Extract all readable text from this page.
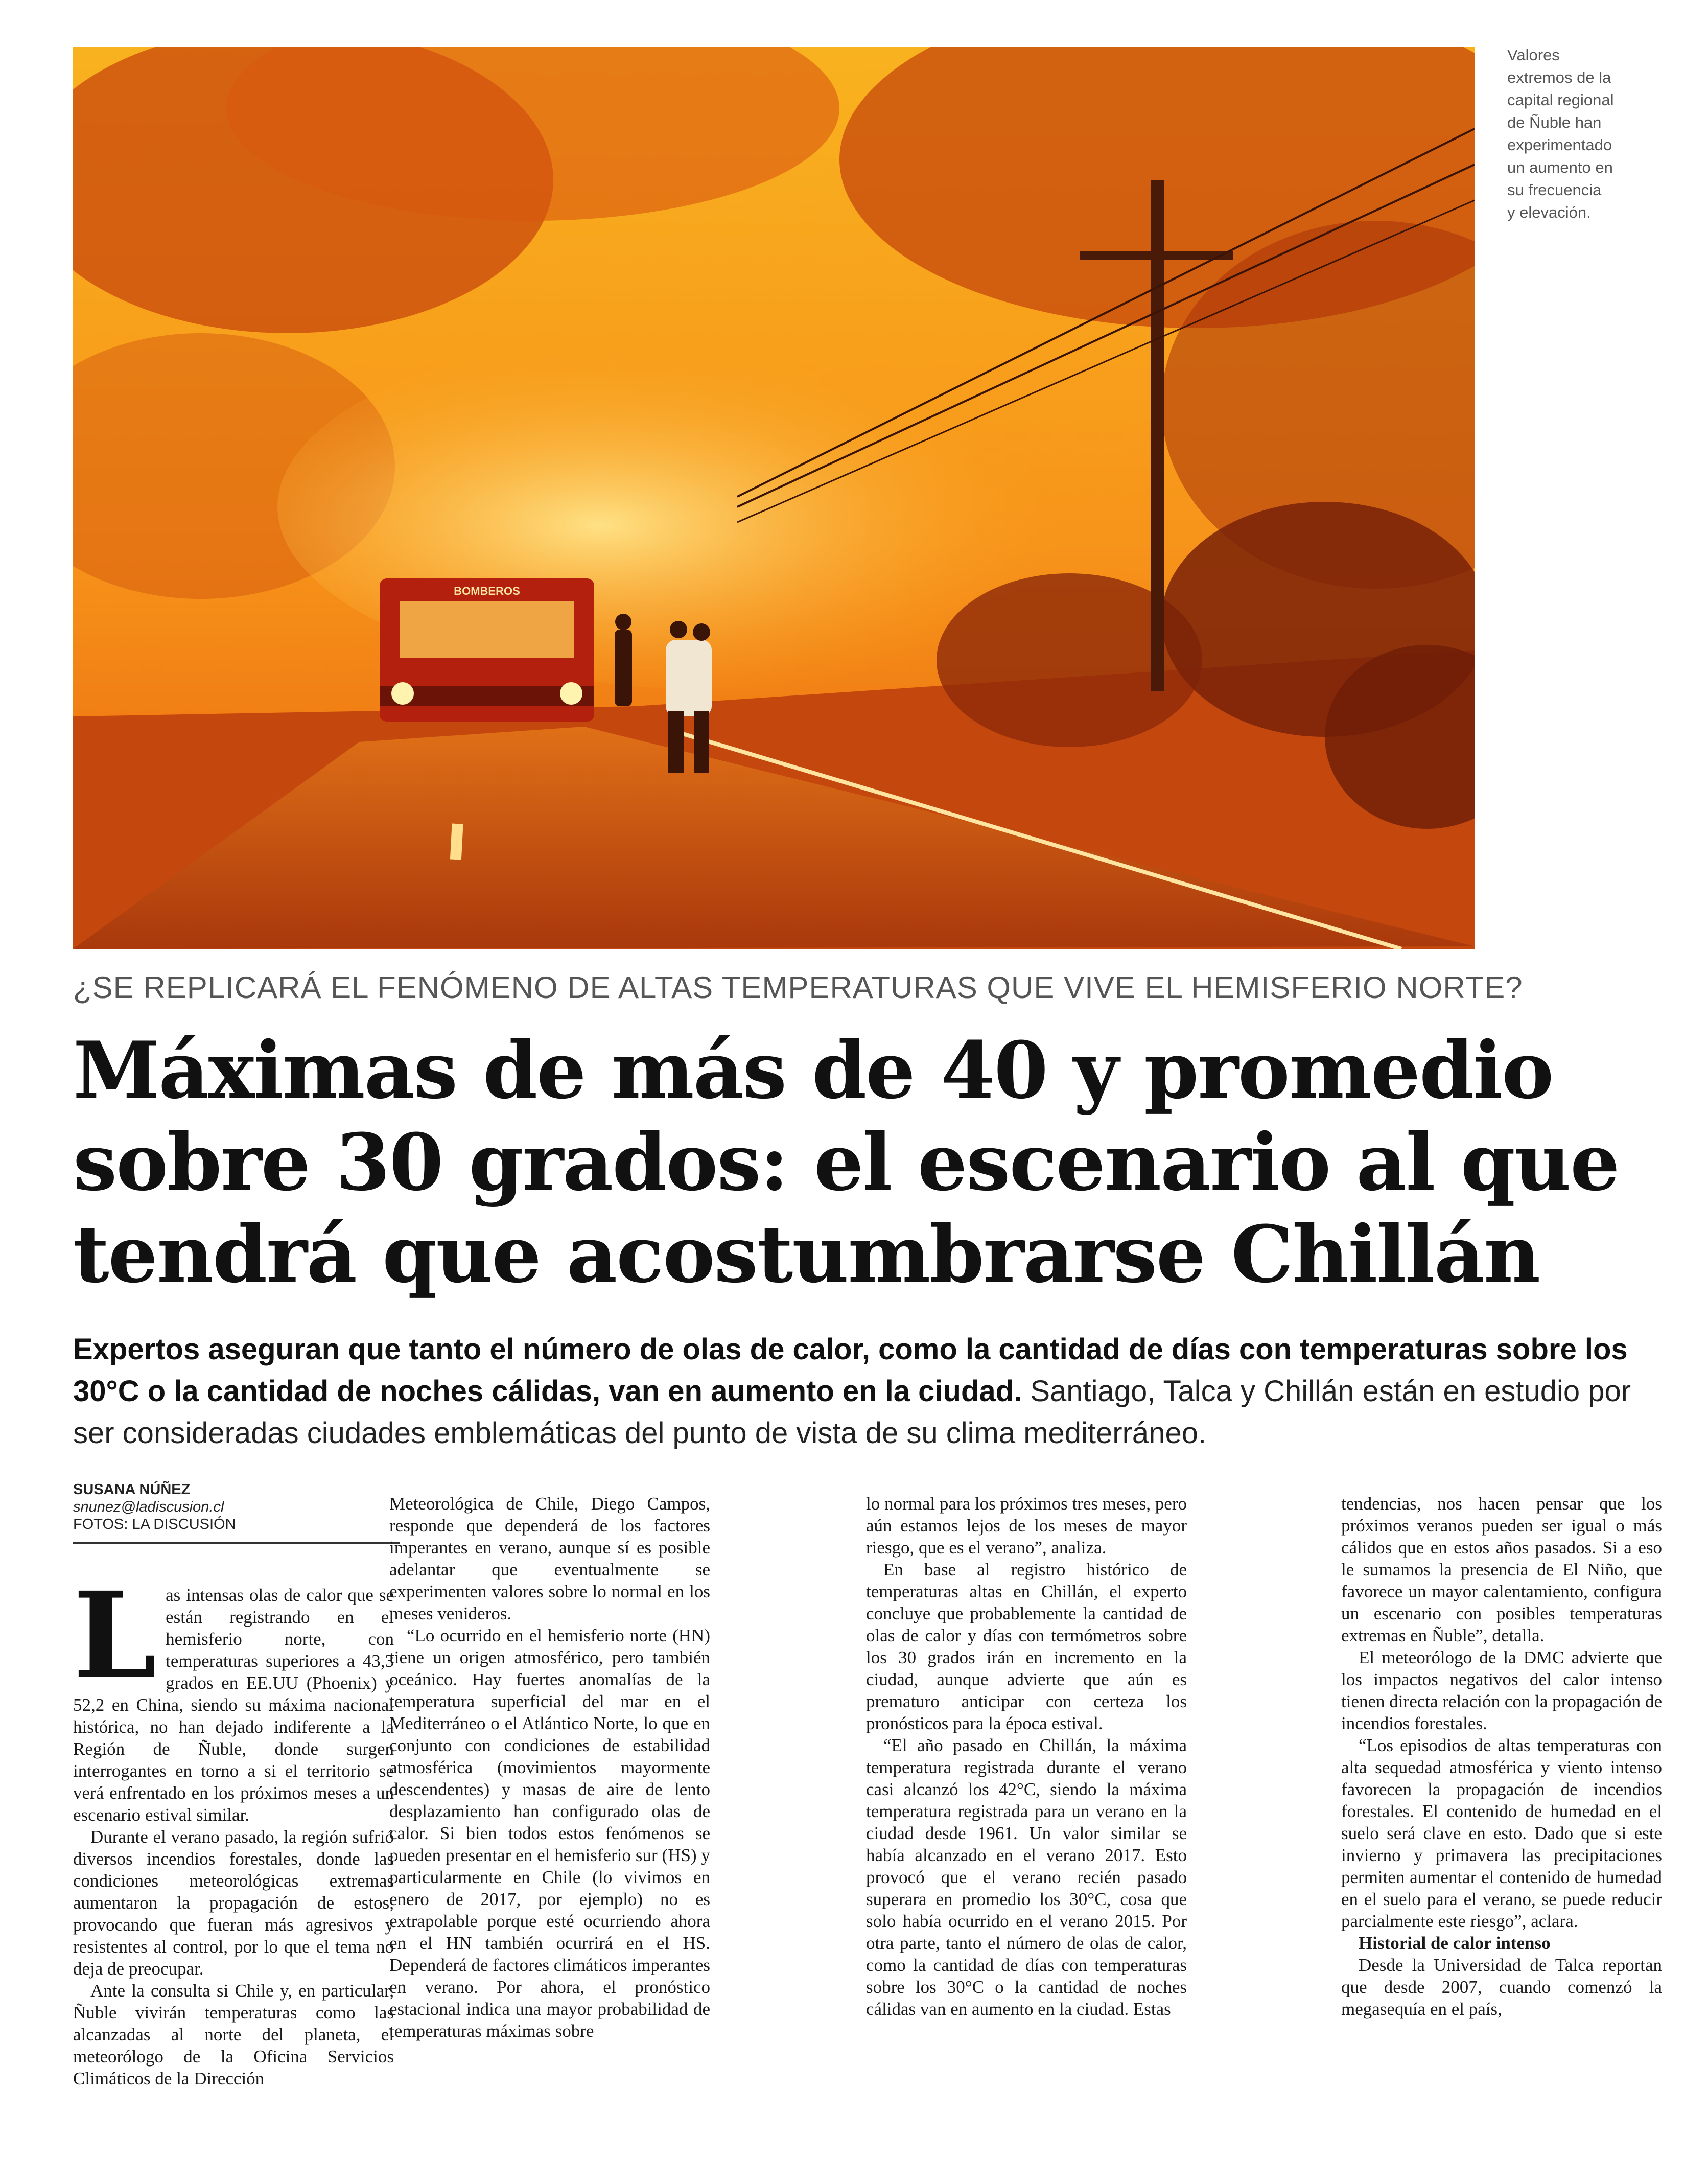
BOMBEROS
Valores
extremos de la
capital regional
de Ñuble han
experimentado
un aumento en
su frecuencia
y elevación.
¿SE REPLICARÁ EL FENÓMENO DE ALTAS TEMPERATURAS QUE VIVE EL HEMISFERIO NORTE?
Máximas de más de 40 y promedio
sobre 30 grados: el escenario al que
tendrá que acostumbrarse Chillán

Expertos aseguran que tanto el número de olas de calor, como la cantidad de días con temperaturas sobre los 30°C o la cantidad de noches cálidas, van en aumento en la ciudad. Santiago, Talca y Chillán están en estudio por ser consideradas ciudades emblemáticas del punto de vista de su clima mediterráneo.

SUSANA NÚÑEZ
snunez@ladiscusion.cl
FOTOS: LA DISCUSIÓN

Las intensas olas de calor que se están registrando en el hemisferio norte, con temperaturas superiores a 43,3 grados en EE.UU (Phoenix) y 52,2 en China, siendo su máxima nacional histórica, no han dejado indiferente a la Región de Ñuble, donde surgen interrogantes en torno a si el territorio se verá enfrentado en los próximos meses a un escenario estival similar.

Durante el verano pasado, la región sufrió diversos incendios forestales, donde las condiciones meteorológicas extremas aumentaron la propagación de estos, provocando que fueran más agresivos y resistentes al control, por lo que el tema no deja de preocupar.

Ante la consulta si Chile y, en particular, Ñuble vivirán temperaturas como las alcanzadas al norte del planeta, el meteorólogo de la Oficina Servicios Climáticos de la Dirección

Meteorológica de Chile, Diego Campos, responde que dependerá de los factores imperantes en verano, aunque sí es posible adelantar que eventualmente se experimenten valores sobre lo normal en los meses venideros.

“Lo ocurrido en el hemisferio norte (HN) tiene un origen atmosférico, pero también oceánico. Hay fuertes anomalías de la temperatura superficial del mar en el Mediterráneo o el Atlántico Norte, lo que en conjunto con condiciones de estabilidad atmosférica (movimientos mayormente descendentes) y masas de aire de lento desplazamiento han configurado olas de calor. Si bien todos estos fenómenos se pueden presentar en el hemisferio sur (HS) y particularmente en Chile (lo vivimos en enero de 2017, por ejemplo) no es extrapolable porque esté ocurriendo ahora en el HN también ocurrirá en el HS. Dependerá de factores climáticos imperantes en verano. Por ahora, el pronóstico estacional indica una mayor probabilidad de temperaturas máximas sobre

lo normal para los próximos tres meses, pero aún estamos lejos de los meses de mayor riesgo, que es el verano”, analiza.

En base al registro histórico de temperaturas altas en Chillán, el experto concluye que probablemente la cantidad de olas de calor y días con termómetros sobre los 30 grados irán en incremento en la ciudad, aunque advierte que aún es prematuro anticipar con certeza los pronósticos para la época estival.

“El año pasado en Chillán, la máxima temperatura registrada durante el verano casi alcanzó los 42°C, siendo la máxima temperatura registrada para un verano en la ciudad desde 1961. Un valor similar se había alcanzado en el verano 2017. Esto provocó que el verano recién pasado superara en promedio los 30°C, cosa que solo había ocurrido en el verano 2015. Por otra parte, tanto el número de olas de calor, como la cantidad de días con temperaturas sobre los 30°C o la cantidad de noches cálidas van en aumento en la ciudad. Estas

tendencias, nos hacen pensar que los próximos veranos pueden ser igual o más cálidos que en estos años pasados. Si a eso le sumamos la presencia de El Niño, que favorece un mayor calentamiento, configura un escenario con posibles temperaturas extremas en Ñuble”, detalla.

El meteorólogo de la DMC advierte que los impactos negativos del calor intenso tienen directa relación con la propagación de incendios forestales.

“Los episodios de altas temperaturas con alta sequedad atmosférica y viento intenso favorecen la propagación de incendios forestales. El contenido de humedad en el suelo será clave en esto. Dado que si este invierno y primavera las precipitaciones permiten aumentar el contenido de humedad en el suelo para el verano, se puede reducir parcialmente este riesgo”, aclara.

Historial de calor intenso

Desde la Universidad de Talca reportan que desde 2007, cuando comenzó la megasequía en el país,
